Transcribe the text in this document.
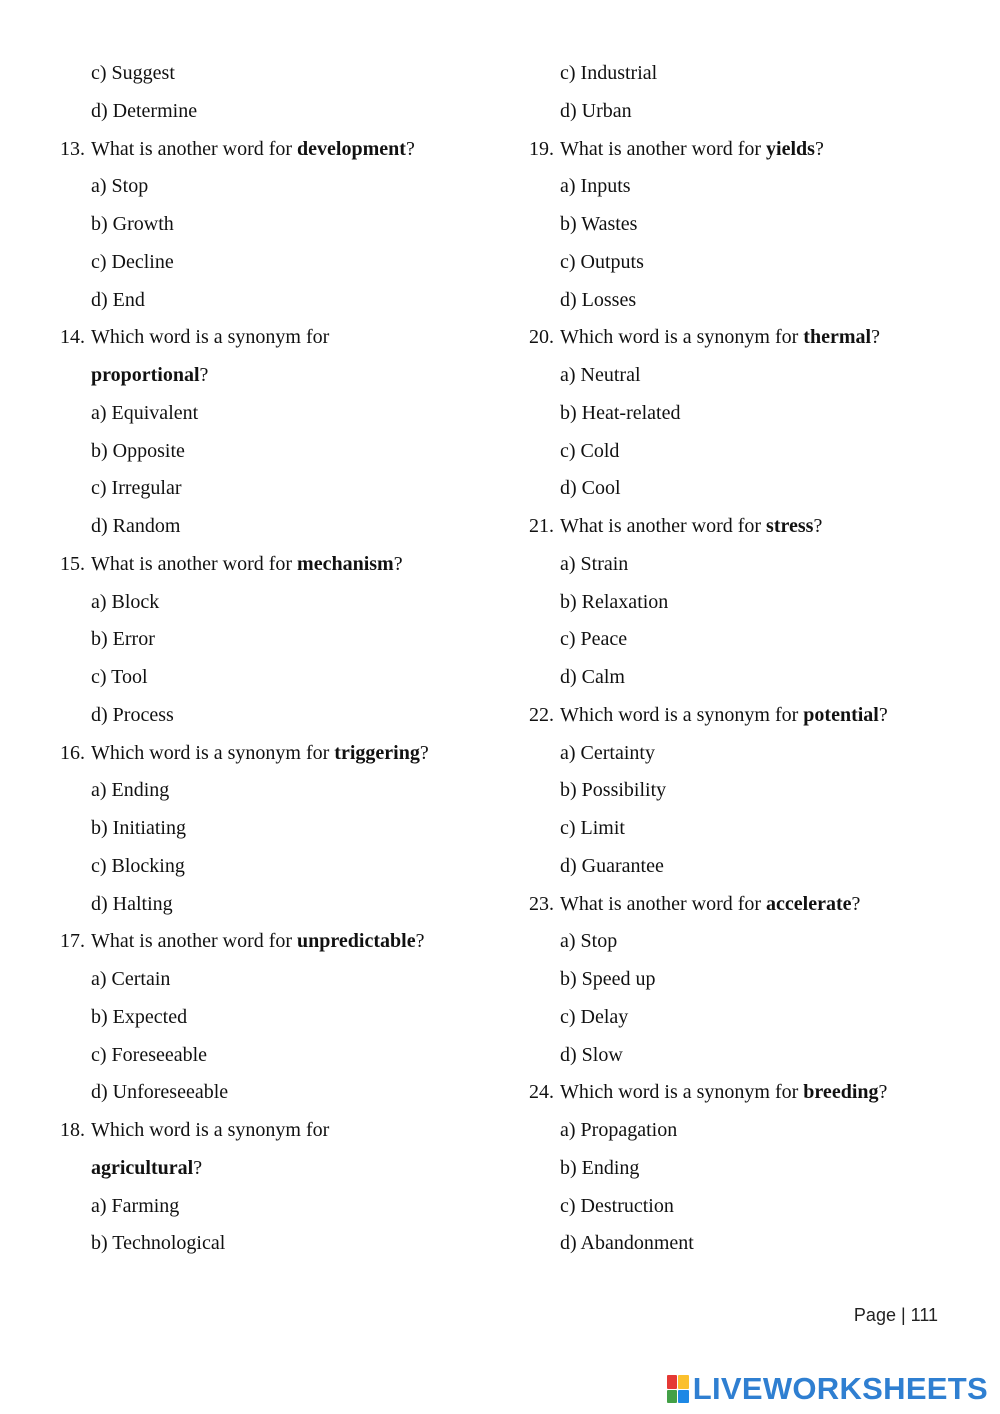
c) Suggest
d) Determine
13. What is another word for development?
a) Stop
b) Growth
c) Decline
d) End
14. Which word is a synonym for
proportional?
a) Equivalent
b) Opposite
c) Irregular
d) Random
15. What is another word for mechanism?
a) Block
b) Error
c) Tool
d) Process
16. Which word is a synonym for triggering?
a) Ending
b) Initiating
c) Blocking
d) Halting
17. What is another word for unpredictable?
a) Certain
b) Expected
c) Foreseeable
d) Unforeseeable
18. Which word is a synonym for
agricultural?
a) Farming
b) Technological
c) Industrial
d) Urban
19. What is another word for yields?
a) Inputs
b) Wastes
c) Outputs
d) Losses
20. Which word is a synonym for thermal?
a) Neutral
b) Heat-related
c) Cold
d) Cool
21. What is another word for stress?
a) Strain
b) Relaxation
c) Peace
d) Calm
22. Which word is a synonym for potential?
a) Certainty
b) Possibility
c) Limit
d) Guarantee
23. What is another word for accelerate?
a) Stop
b) Speed up
c) Delay
d) Slow
24. Which word is a synonym for breeding?
a) Propagation
b) Ending
c) Destruction
d) Abandonment
Page | 111
LIVEWORKSHEETS
